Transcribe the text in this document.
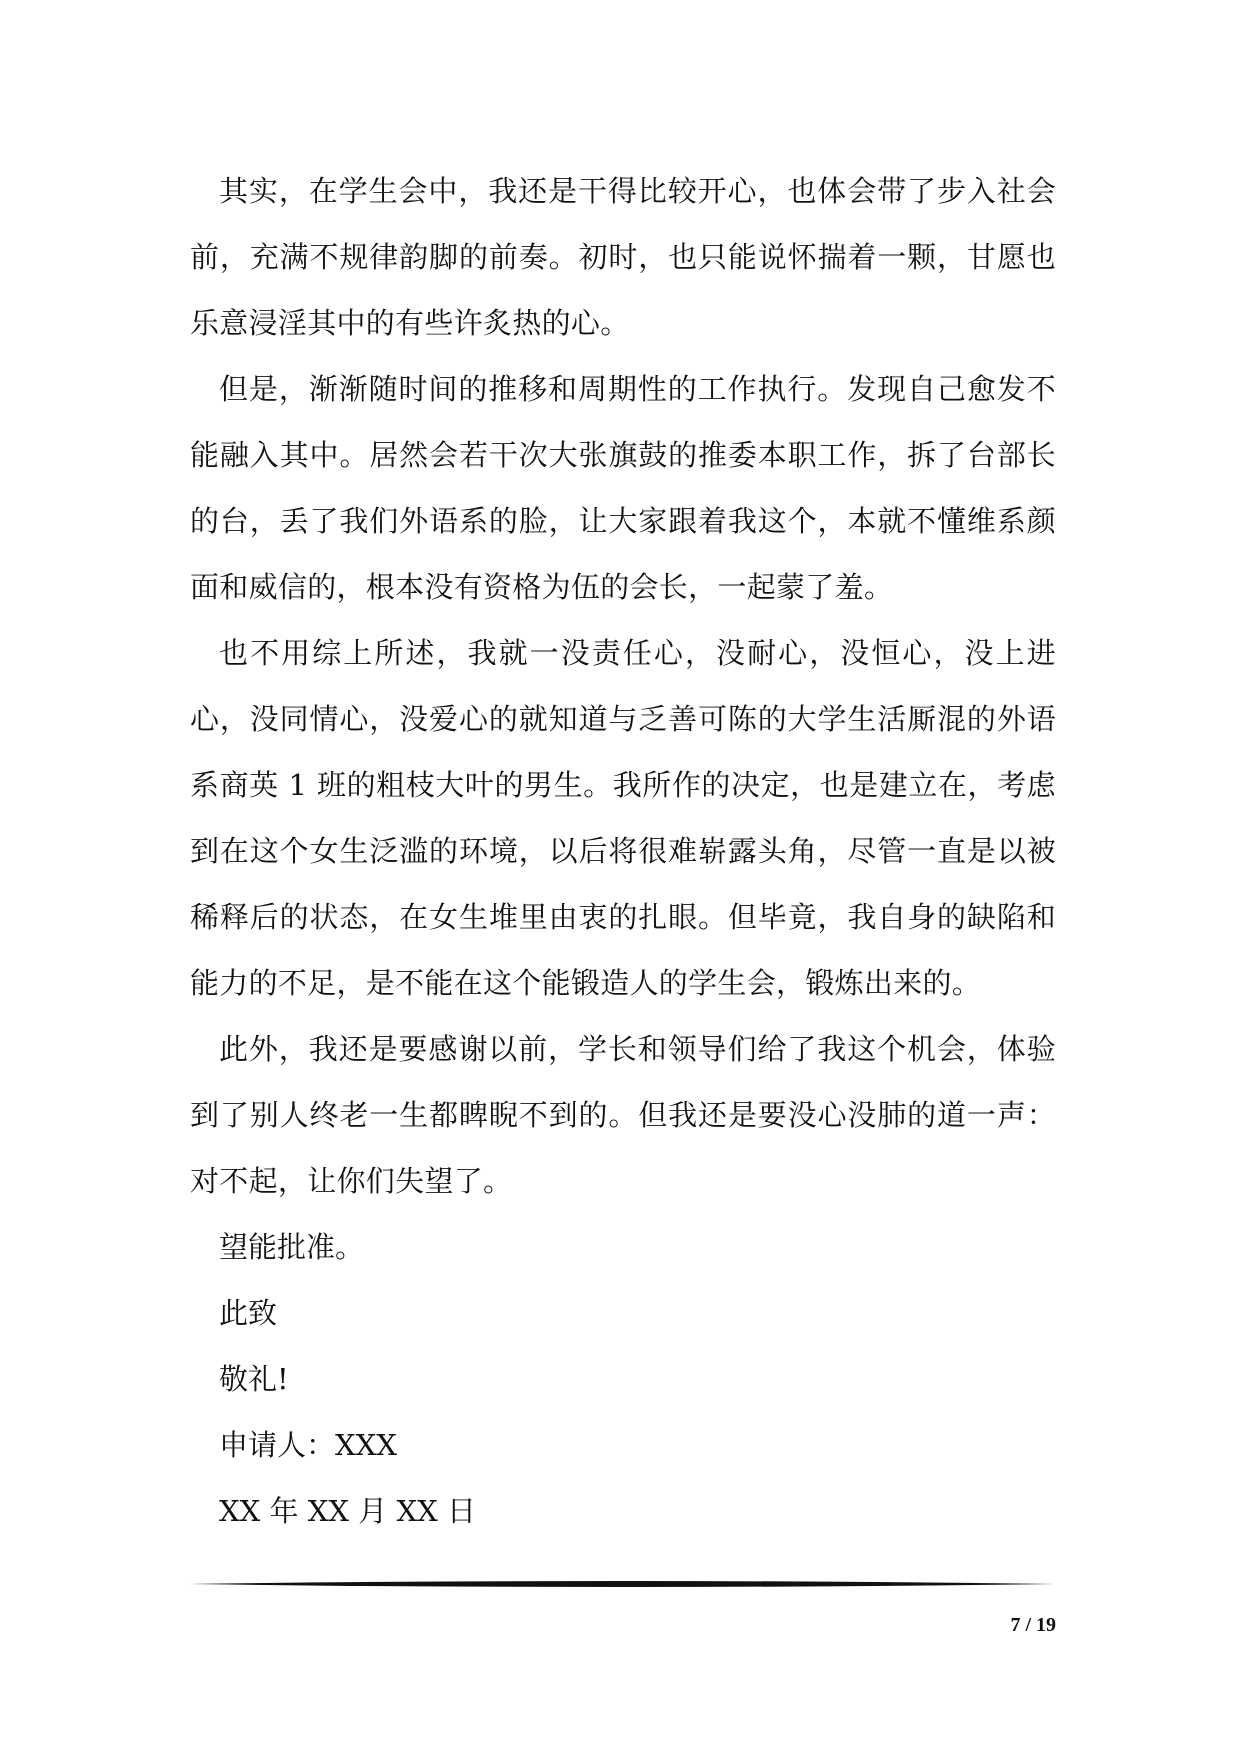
其实，在学生会中，我还是干得比较开心，也体会带了步入社会前，充满不规律韵脚的前奏。初时，也只能说怀揣着一颗，甘愿也乐意浸淫其中的有些许炙热的心。

但是，渐渐随时间的推移和周期性的工作执行。发现自己愈发不能融入其中。居然会若干次大张旗鼓的推委本职工作，拆了台部长的台，丢了我们外语系的脸，让大家跟着我这个，本就不懂维系颜面和威信的，根本没有资格为伍的会长，一起蒙了羞。

也不用综上所述，我就一没责任心，没耐心，没恒心，没上进心，没同情心，没爱心的就知道与乏善可陈的大学生活厮混的外语系商英 1 班的粗枝大叶的男生。我所作的决定，也是建立在，考虑到在这个女生泛滥的环境，以后将很难崭露头角，尽管一直是以被稀释后的状态，在女生堆里由衷的扎眼。但毕竟，我自身的缺陷和能力的不足，是不能在这个能锻造人的学生会，锻炼出来的。

此外，我还是要感谢以前，学长和领导们给了我这个机会，体验到了别人终老一生都睥睨不到的。但我还是要没心没肺的道一声：对不起，让你们失望了。

望能批准。

此致

敬礼!

申请人：XXX

XX 年 XX 月 XX 日

7 / 19
